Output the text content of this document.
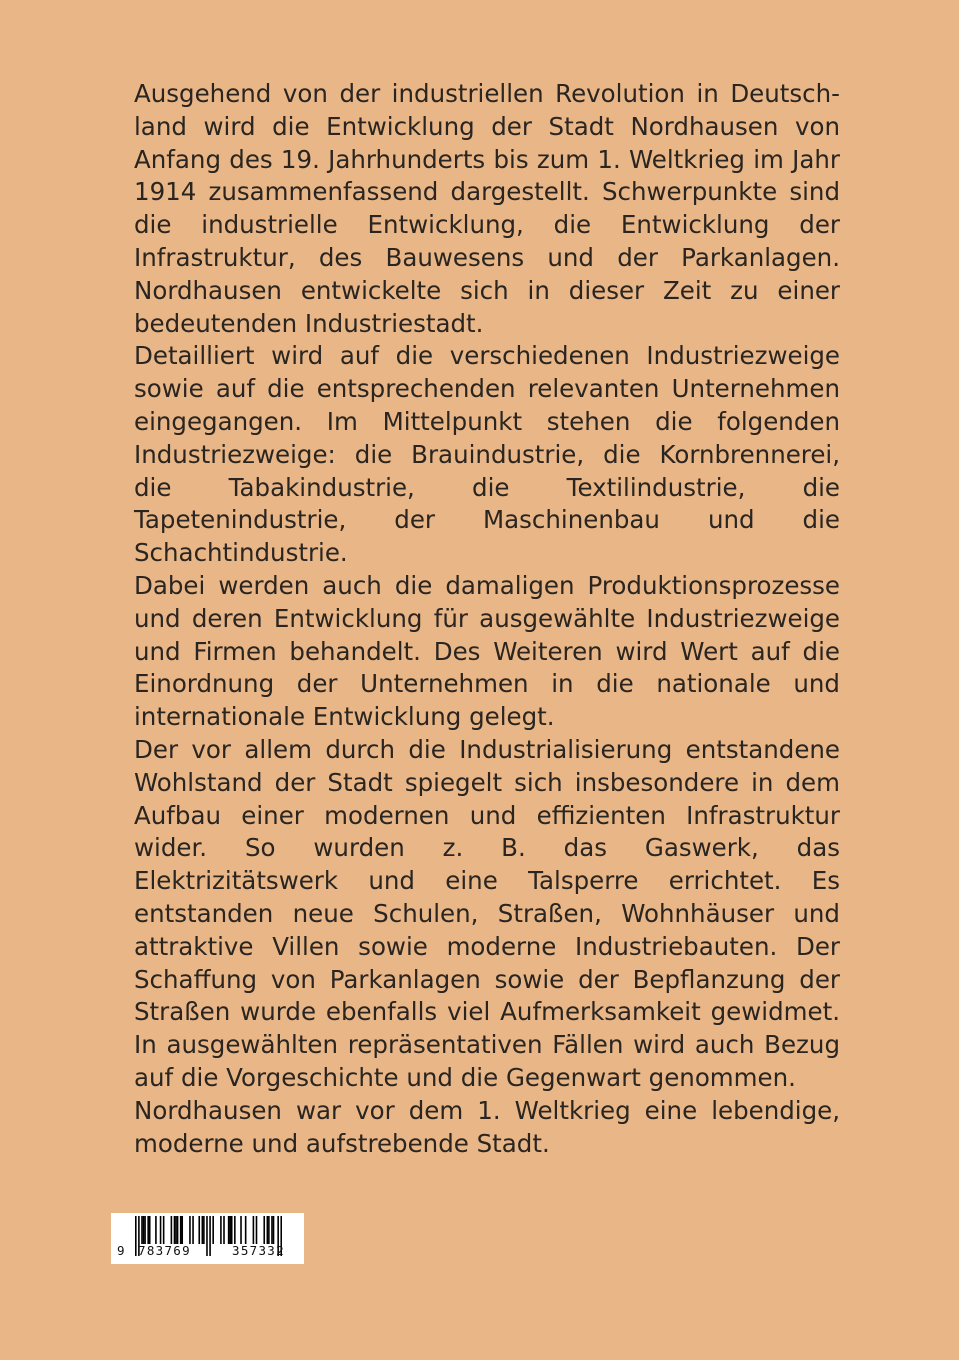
Ausgehend von der industriellen Revolution in Deutschland wird die Entwicklung der Stadt Nordhausen von Anfang des 19. Jahrhunderts bis zum 1. Weltkrieg im Jahr 1914 zusammenfassend dargestellt. Schwerpunkte sind die industrielle Entwicklung, die Entwicklung der Infrastruktur, des Bauwesens und der Parkanlagen. Nordhausen entwickelte sich in dieser Zeit zu einer bedeutenden Industriestadt.

Detailliert wird auf die verschiedenen Industriezweige sowie auf die entsprechenden relevanten Unternehmen eingegangen. Im Mittelpunkt stehen die folgenden Industriezweige: die Brauindustrie, die Kornbrennerei, die Tabakindustrie, die Textilindustrie, die Tapetenindustrie, der Maschinenbau und die Schachtindustrie.

Dabei werden auch die damaligen Produktionsprozesse und deren Entwicklung für ausgewählte Industriezweige und Firmen behandelt. Des Weiteren wird Wert auf die Einordnung der Unternehmen in die nationale und internationale Entwicklung gelegt.

Der vor allem durch die Industrialisierung entstandene Wohlstand der Stadt spiegelt sich insbesondere in dem Aufbau einer modernen und effizienten Infrastruktur wider. So wurden z. B. das Gaswerk, das Elektrizitätswerk und eine Talsperre errichtet. Es entstanden neue Schulen, Straßen, Wohnhäuser und attraktive Villen sowie moderne Industriebauten. Der Schaffung von Parkanlagen sowie der Bepflanzung der Straßen wurde ebenfalls viel Aufmerksamkeit gewidmet. In ausgewählten repräsentativen Fällen wird auch Bezug auf die Vorgeschichte und die Gegenwart genommen.

Nordhausen war vor dem 1. Weltkrieg eine lebendige, moderne und aufstrebende Stadt.

9 783769	357332
